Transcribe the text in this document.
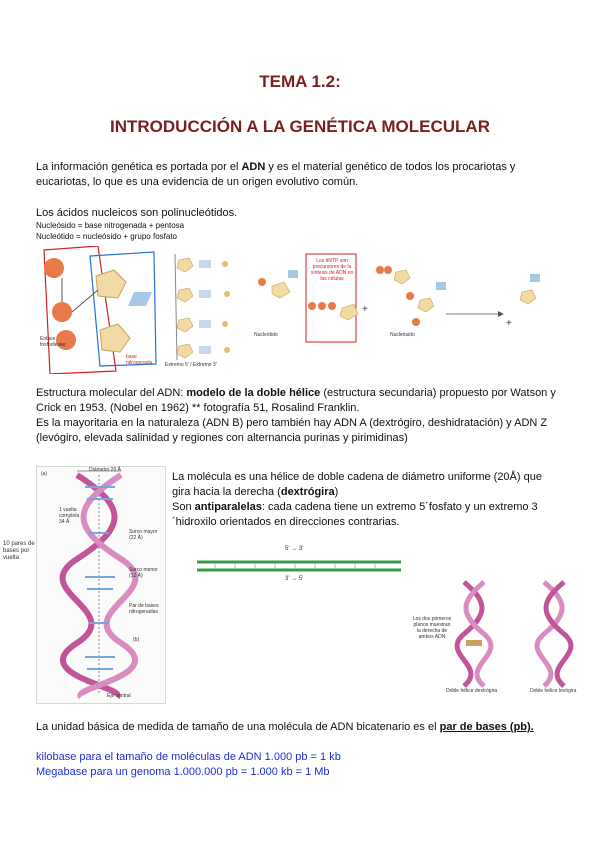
TEMA 1.2:
INTRODUCCIÓN A LA GENÉTICA MOLECULAR
La información genética es portada por el ADN y es el material genético de todos los procariotas y eucariotas, lo que es una evidencia de un origen evolutivo común.
Los ácidos nucleicos son polinucleótidos.
Nucleósido = base nitrogenada + pentosa
Nucleótido = nucleósido + grupo fosfato
Enlace fosfodiéster
base nitrogenada	Extremo 5' / Extremo 3'
+
+
Los dNTP son precursores de la síntesis de ADN en las células
Nucleótido	Nucleósido
Estructura molecular del ADN: modelo de la doble hélice (estructura secundaria) propuesto por Watson y Crick en 1953. (Nobel en 1962) ** fotografía 51, Rosalind Franklin.
Es la mayoritaria en la naturaleza (ADN B) pero también hay ADN A (dextrógiro, deshidratación) y ADN Z (levógiro, elevada salinidad y regiones con alternancia purinas y pirimidinas)
Diámetro 20 Å
1 vuelta completa 34 Å
10 pares de bases por vuelta
Surco mayor (22 Å)
Surco menor (12 Å)
Par de bases nitrogenadas
Eje central
(a)
(b)
La molécula es una hélice de doble cadena de diámetro uniforme (20Å) que gira hacia la derecha (dextrógira)
Son antiparalelas: cada cadena tiene un extremo 5´fosfato y un extremo 3´hidroxilo orientados en direcciones contrarias.
5' → 3'
3' → 5'
Los dos primeros planos muestran la derecha de ambos ADN
Doble hélice dextrógira	Doble hélice levógira
La unidad básica de medida de tamaño de una molécula de ADN bicatenario es el par de bases (pb).
kilobase para el tamaño de moléculas de ADN 1.000 pb = 1 kb
Megabase para un genoma 1.000.000 pb = 1.000 kb = 1 Mb
